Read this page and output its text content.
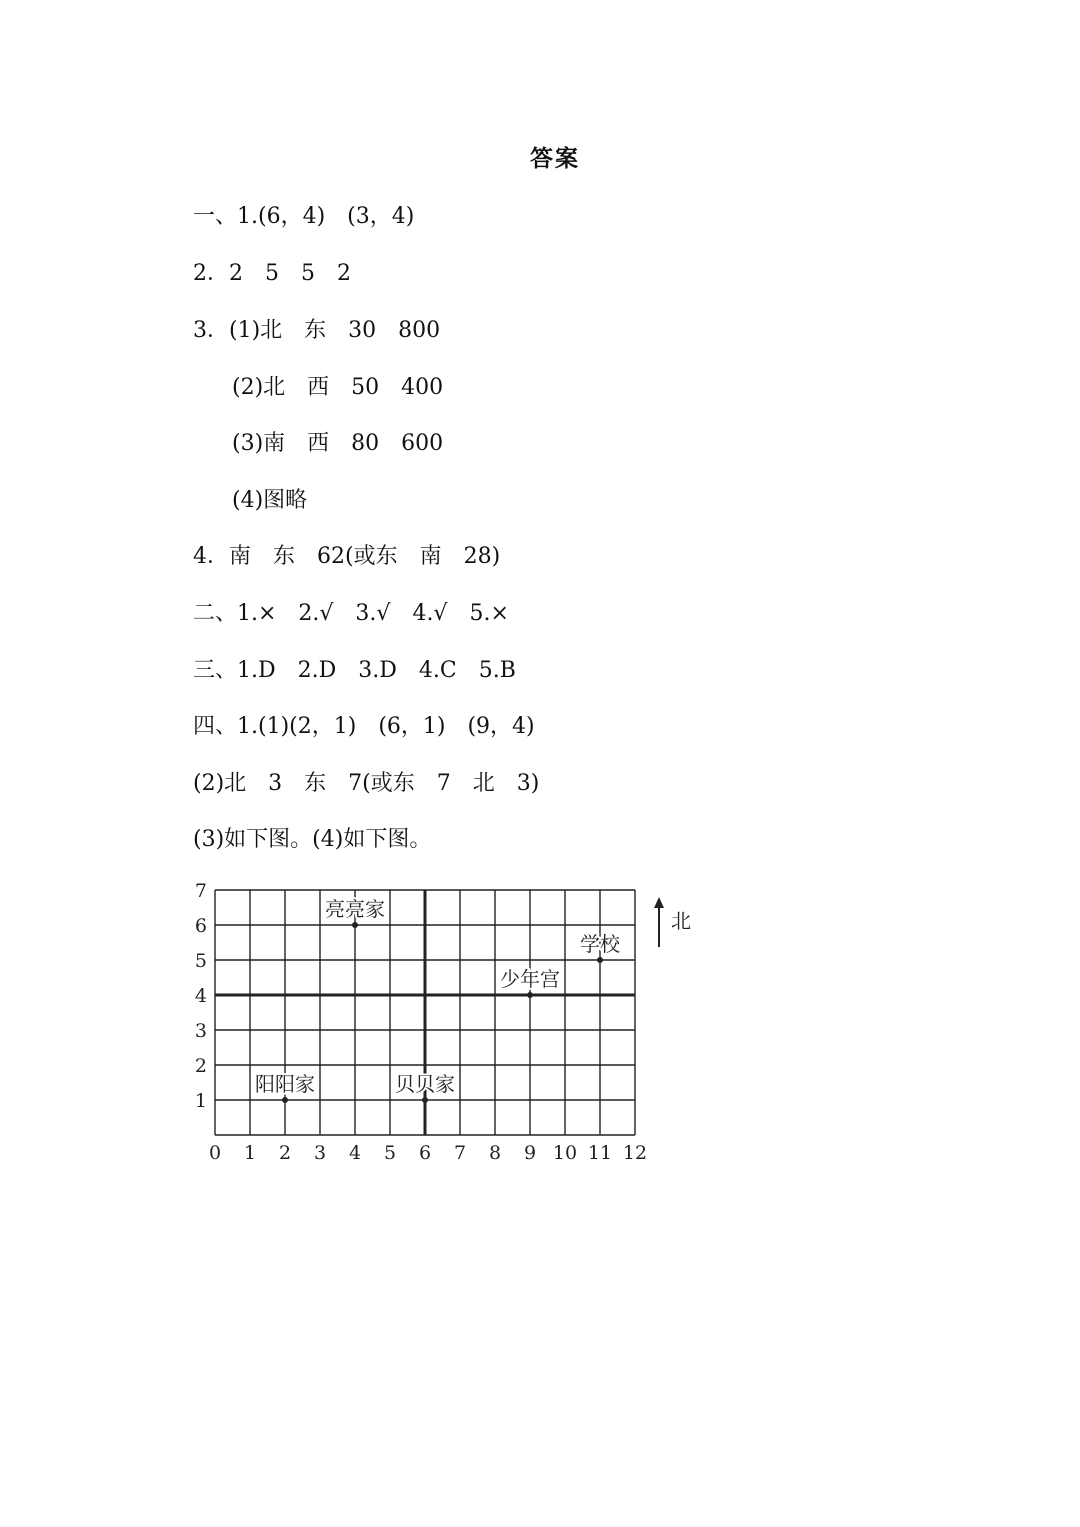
答案
一、1.(6，4)　(3，4)
2．2　5　5　2
3．(1)北　东　30　800
(2)北　西　50　400
(3)南　西　80　600
(4)图略
4．南　东　62(或东　南　28)
二、1.×　2.√　3.√　4.√　5.×
三、1.D　2.D　3.D　4.C　5.B
四、1.(1)(2，1)　(6，1)　(9，4)
(2)北　3　东　7(或东　7　北　3)
(3)如下图。(4)如下图。
0 1 2 3 4 5 6 7 8 9 10 11 12
1
2
3
4
5
6
7
亮亮家
学校
少年宫
阳阳家	贝贝家
北
